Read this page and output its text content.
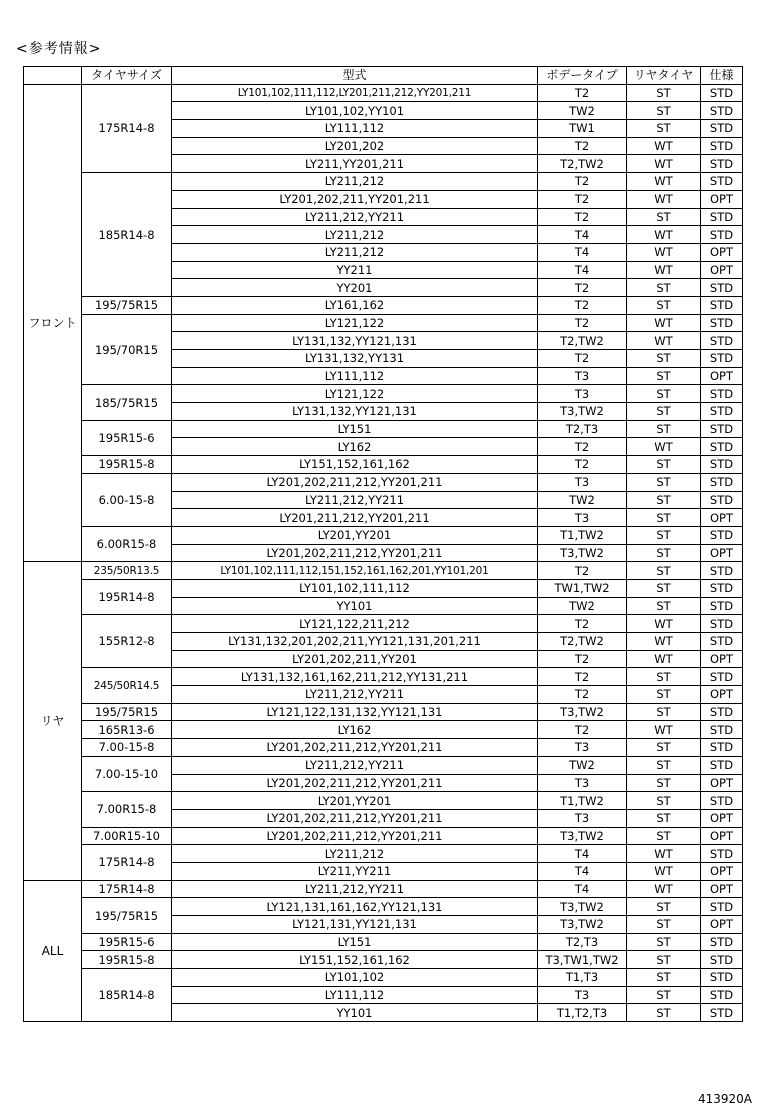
<参考情報>
	タイヤサイズ	型式	ボデータイプ	リヤタイヤ	仕様
フロント	175R14-8	LY101,102,111,112,LY201,211,212,YY201,211	T2	ST	STD
		LY101,102,YY101	TW2	ST	STD
		LY111,112	TW1	ST	STD
		LY201,202	T2	WT	STD
		LY211,YY201,211	T2,TW2	WT	STD
	185R14-8	LY211,212	T2	WT	STD
		LY201,202,211,YY201,211	T2	WT	OPT
		LY211,212,YY211	T2	ST	STD
		LY211,212	T4	WT	STD
		LY211,212	T4	WT	OPT
		YY211	T4	WT	OPT
		YY201	T2	ST	STD
	195/75R15	LY161,162	T2	ST	STD
	195/70R15	LY121,122	T2	WT	STD
		LY131,132,YY121,131	T2,TW2	WT	STD
		LY131,132,YY131	T2	ST	STD
		LY111,112	T3	ST	OPT
	185/75R15	LY121,122	T3	ST	STD
		LY131,132,YY121,131	T3,TW2	ST	STD
	195R15-6	LY151	T2,T3	ST	STD
		LY162	T2	WT	STD
	195R15-8	LY151,152,161,162	T2	ST	STD
	6.00-15-8	LY201,202,211,212,YY201,211	T3	ST	STD
		LY211,212,YY211	TW2	ST	STD
		LY201,211,212,YY201,211	T3	ST	OPT
	6.00R15-8	LY201,YY201	T1,TW2	ST	STD
		LY201,202,211,212,YY201,211	T3,TW2	ST	OPT
リヤ	235/50R13.5	LY101,102,111,112,151,152,161,162,201,YY101,201	T2	ST	STD
	195R14-8	LY101,102,111,112	TW1,TW2	ST	STD
		YY101	TW2	ST	STD
	155R12-8	LY121,122,211,212	T2	WT	STD
		LY131,132,201,202,211,YY121,131,201,211	T2,TW2	WT	STD
		LY201,202,211,YY201	T2	WT	OPT
	245/50R14.5	LY131,132,161,162,211,212,YY131,211	T2	ST	STD
		LY211,212,YY211	T2	ST	OPT
	195/75R15	LY121,122,131,132,YY121,131	T3,TW2	ST	STD
	165R13-6	LY162	T2	WT	STD
	7.00-15-8	LY201,202,211,212,YY201,211	T3	ST	STD
	7.00-15-10	LY211,212,YY211	TW2	ST	STD
		LY201,202,211,212,YY201,211	T3	ST	OPT
	7.00R15-8	LY201,YY201	T1,TW2	ST	STD
		LY201,202,211,212,YY201,211	T3	ST	OPT
	7.00R15-10	LY201,202,211,212,YY201,211	T3,TW2	ST	OPT
	175R14-8	LY211,212	T4	WT	STD
		LY211,YY211	T4	WT	OPT
ALL	175R14-8	LY211,212,YY211	T4	WT	OPT
	195/75R15	LY121,131,161,162,YY121,131	T3,TW2	ST	STD
		LY121,131,YY121,131	T3,TW2	ST	OPT
	195R15-6	LY151	T2,T3	ST	STD
	195R15-8	LY151,152,161,162	T3,TW1,TW2	ST	STD
	185R14-8	LY101,102	T1,T3	ST	STD
		LY111,112	T3	ST	STD
		YY101	T1,T2,T3	ST	STD
413920A
